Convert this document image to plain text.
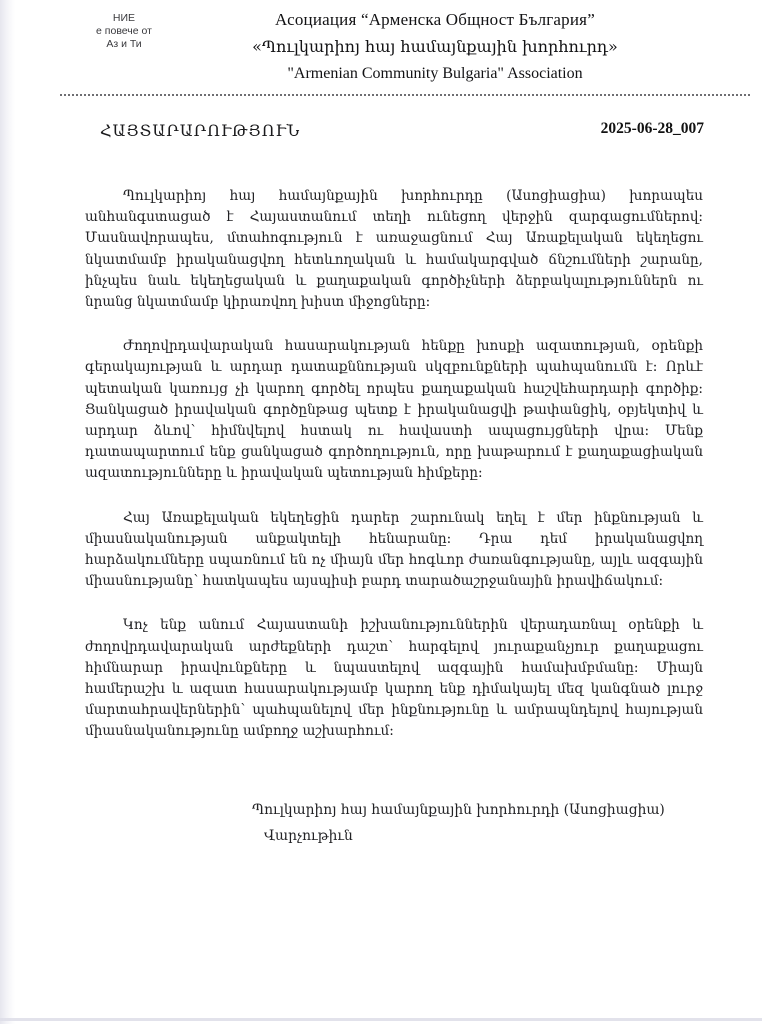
НИЕ
е повече от
Аз и Ти
Асоциация “Арменска Общност България”
«Պուլկարիոյ հայ համայնքային խորհուրդ»
"Armenian Community Bulgaria" Association
ՀԱՅՏԱՐԱՐՈՒԹՅՈՒՆ	2025-06-28_007

Պուլկարիոյ հայ համայնքային խորհուրդը (Ասոցիացիա) խորապես անհանգստացած է Հայաստանում տեղի ունեցող վերջին զարգացումներով: Մասնավորապես, մտահոգություն է առաջացնում Հայ Առաքելական եկեղեցու նկատմամբ իրականացվող հետևողական և համակարգված ճնշումների շարանը, ինչպես նաև եկեղեցական և քաղաքական գործիչների ձերբակալություններն ու նրանց նկատմամբ կիրառվող խիստ միջոցները:

Ժողովրդավարական հասարակության հենքը խոսքի ազատության, օրենքի գերակայության և արդար դատաքննության սկզբունքների պահպանումն է: Որևէ պետական կառույց չի կարող գործել որպես քաղաքական հաշվեհարդարի գործիք: Ցանկացած իրավական գործընթաց պետք է իրականացվի թափանցիկ, օբյեկտիվ և արդար ձևով՝ հիմնվելով հստակ ու հավաստի ապացույցների վրա: Մենք դատապարտում ենք ցանկացած գործողություն, որը խաթարում է քաղաքացիական ազատությունները և իրավական պետության հիմքերը:

Հայ Առաքելական եկեղեցին դարեր շարունակ եղել է մեր ինքնության և միասնականության անքակտելի հենարանը: Դրա դեմ իրականացվող հարձակումները սպառնում են ոչ միայն մեր հոգևոր ժառանգությանը, այլև ազգային միասնությանը՝ հատկապես այսպիսի բարդ տարածաշրջանային իրավիճակում:

Կոչ ենք անում Հայաստանի իշխանություններին վերադառնալ օրենքի և ժողովրդավարական արժեքների դաշտ՝ հարգելով յուրաքանչյուր քաղաքացու հիմնարար իրավունքները և նպաստելով ազգային համախմբմանը: Միայն համերաշխ և ազատ հասարակությամբ կարող ենք դիմակայել մեզ կանգնած լուրջ մարտահրավերներին՝ պահպանելով մեր ինքնությունը և ամրապնդելով հայության միասնականությունը ամբողջ աշխարհում:

Պուլկարիոյ հայ համայնքային խորհուրդի (Ասոցիացիա)
Վարչութիւն
